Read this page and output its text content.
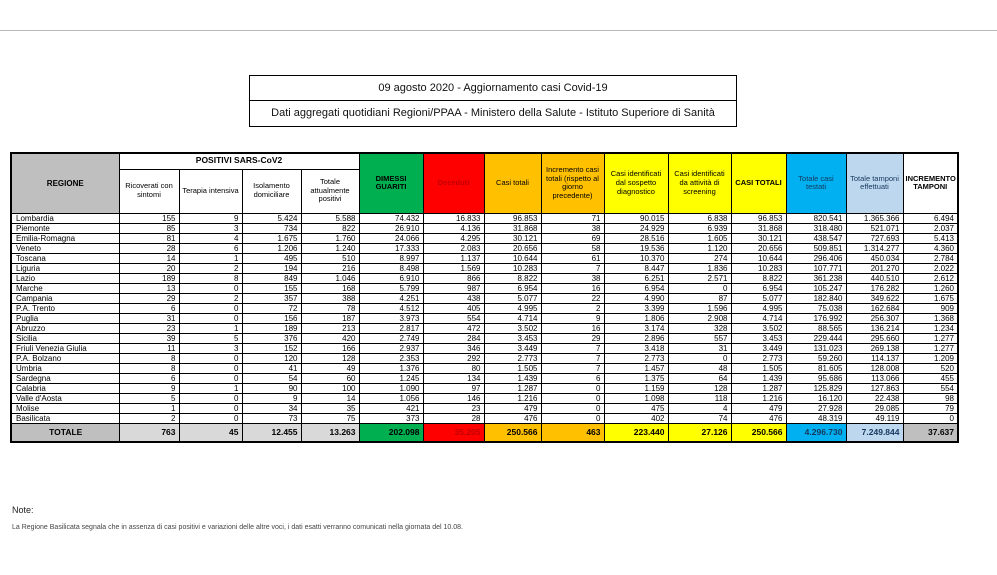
09 agosto 2020 - Aggiornamento casi Covid-19
Dati aggregati quotidiani Regioni/PPAA - Ministero della Salute - Istituto Superiore di Sanità
REGIONE	POSITIVI SARS-CoV2				DIMESSI GUARITI	Deceduti	Casi totali	Incremento casi totali (rispetto al giorno precedente)	Casi identificati dal sospetto diagnostico	Casi identificati da attività di screening	CASI TOTALI	Totale casi testati	Totale tamponi effettuati	INCREMENTO TAMPONI
	Ricoverati con sintomi	Terapia intensiva	Isolamento domiciliare	Totale attualmente positivi										
Lombardia	155	9	5.424	5.588	74.432	16.833	96.853	71	90.015	6.838	96.853	820.541	1.365.366	6.494
Piemonte	85	3	734	822	26.910	4.136	31.868	38	24.929	6.939	31.868	318.480	521.071	2.037
Emilia-Romagna	81	4	1.675	1.760	24.066	4.295	30.121	69	28.516	1.605	30.121	438.547	727.693	5.413
Veneto	28	6	1.206	1.240	17.333	2.083	20.656	58	19.536	1.120	20.656	509.851	1.314.277	4.360
Toscana	14	1	495	510	8.997	1.137	10.644	61	10.370	274	10.644	296.406	450.034	2.784
Liguria	20	2	194	216	8.498	1.569	10.283	7	8.447	1.836	10.283	107.771	201.270	2.022
Lazio	189	8	849	1.046	6.910	866	8.822	38	6.251	2.571	8.822	361.238	440.510	2.612
Marche	13	0	155	168	5.799	987	6.954	16	6.954	0	6.954	105.247	176.282	1.260
Campania	29	2	357	388	4.251	438	5.077	22	4.990	87	5.077	182.840	349.622	1.675
P.A. Trento	6	0	72	78	4.512	405	4.995	2	3.399	1.596	4.995	75.038	162.684	909
Puglia	31	0	156	187	3.973	554	4.714	9	1.806	2.908	4.714	176.992	256.307	1.368
Abruzzo	23	1	189	213	2.817	472	3.502	16	3.174	328	3.502	88.565	136.214	1.234
Sicilia	39	5	376	420	2.749	284	3.453	29	2.896	557	3.453	229.444	295.660	1.277
Friuli Venezia Giulia	11	3	152	166	2.937	346	3.449	7	3.418	31	3.449	131.023	269.138	1.277
P.A. Bolzano	8	0	120	128	2.353	292	2.773	7	2.773	0	2.773	59.260	114.137	1.209
Umbria	8	0	41	49	1.376	80	1.505	7	1.457	48	1.505	81.605	128.008	520
Sardegna	6	0	54	60	1.245	134	1.439	6	1.375	64	1.439	95.686	113.066	455
Calabria	9	1	90	100	1.090	97	1.287	0	1.159	128	1.287	125.829	127.863	554
Valle d'Aosta	5	0	9	14	1.056	146	1.216	0	1.098	118	1.216	16.120	22.438	98
Molise	1	0	34	35	421	23	479	0	475	4	479	27.928	29.085	79
Basilicata	2	0	73	75	373	28	476	0	402	74	476	48.319	49.119	0
TOTALE	763	45	12.455	13.263	202.098	35.205	250.566	463	223.440	27.126	250.566	4.296.730	7.249.844	37.637
Note:
La Regione Basilicata segnala che in assenza di casi positivi e variazioni delle altre voci, i dati esatti verranno comunicati nella giornata del 10.08.
